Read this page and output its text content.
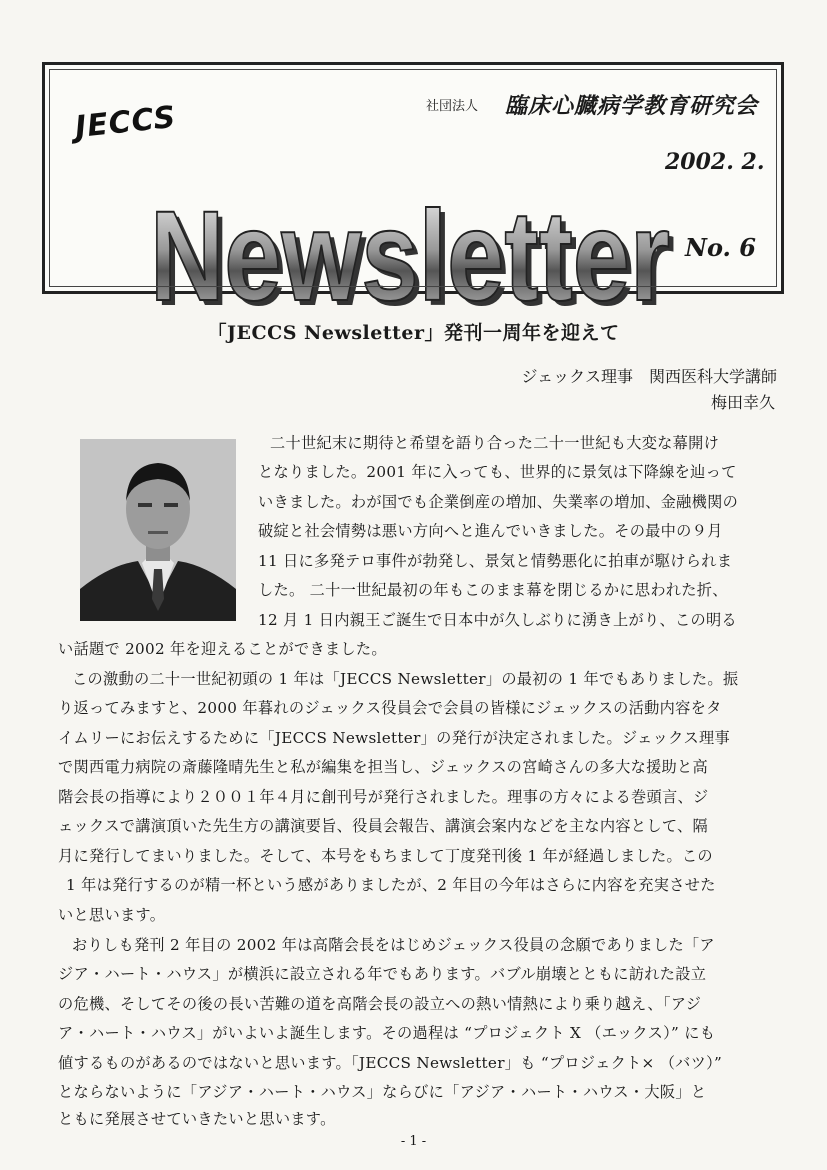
JECCS	社団法人 臨床心臓病学教育研究会
Newsletter
Newsletter
2002. 2.
No. 6
「JECCS Newsletter」発刊一周年を迎えて
ジェックス理事　関西医科大学講師
梅田幸久
二十世紀末に期待と希望を語り合った二十一世紀も大変な幕開け
となりました。2001 年に入っても、世界的に景気は下降線を辿って
いきました。わが国でも企業倒産の増加、失業率の増加、金融機関の
破綻と社会情勢は悪い方向へと進んでいきました。その最中の９月
11 日に多発テロ事件が勃発し、景気と情勢悪化に拍車が駆けられま
した。 二十一世紀最初の年もこのまま幕を閉じるかに思われた折、
12 月 1 日内親王ご誕生で日本中が久しぶりに湧き上がり、この明る
い話題で 2002 年を迎えることができました。
この激動の二十一世紀初頭の 1 年は「JECCS Newsletter」の最初の 1 年でもありました。振
り返ってみますと、2000 年暮れのジェックス役員会で会員の皆様にジェックスの活動内容をタ
イムリーにお伝えするために「JECCS Newsletter」の発行が決定されました。ジェックス理事
で関西電力病院の斎藤隆晴先生と私が編集を担当し、ジェックスの宮崎さんの多大な援助と高
階会長の指導により２００１年４月に創刊号が発行されました。理事の方々による巻頭言、ジ
ェックスで講演頂いた先生方の講演要旨、役員会報告、講演会案内などを主な内容として、隔
月に発行してまいりました。そして、本号をもちまして丁度発刊後 1 年が経過しました。この
1 年は発行するのが精一杯という感がありましたが、2 年目の今年はさらに内容を充実させた
いと思います。
おりしも発刊 2 年目の 2002 年は高階会長をはじめジェックス役員の念願でありました「ア
ジア・ハート・ハウス」が横浜に設立される年でもあります。バブル崩壊とともに訪れた設立
の危機、そしてその後の長い苦難の道を高階会長の設立への熱い情熱により乗り越え、「アジ
ア・ハート・ハウス」がいよいよ誕生します。その過程は “プロジェクト X （エックス）” にも
値するものがあるのではないと思います。「JECCS Newsletter」も “プロジェクト× （バツ）”
とならないように「アジア・ハート・ハウス」ならびに「アジア・ハート・ハウス・大阪」と
ともに発展させていきたいと思います。
- 1 -
